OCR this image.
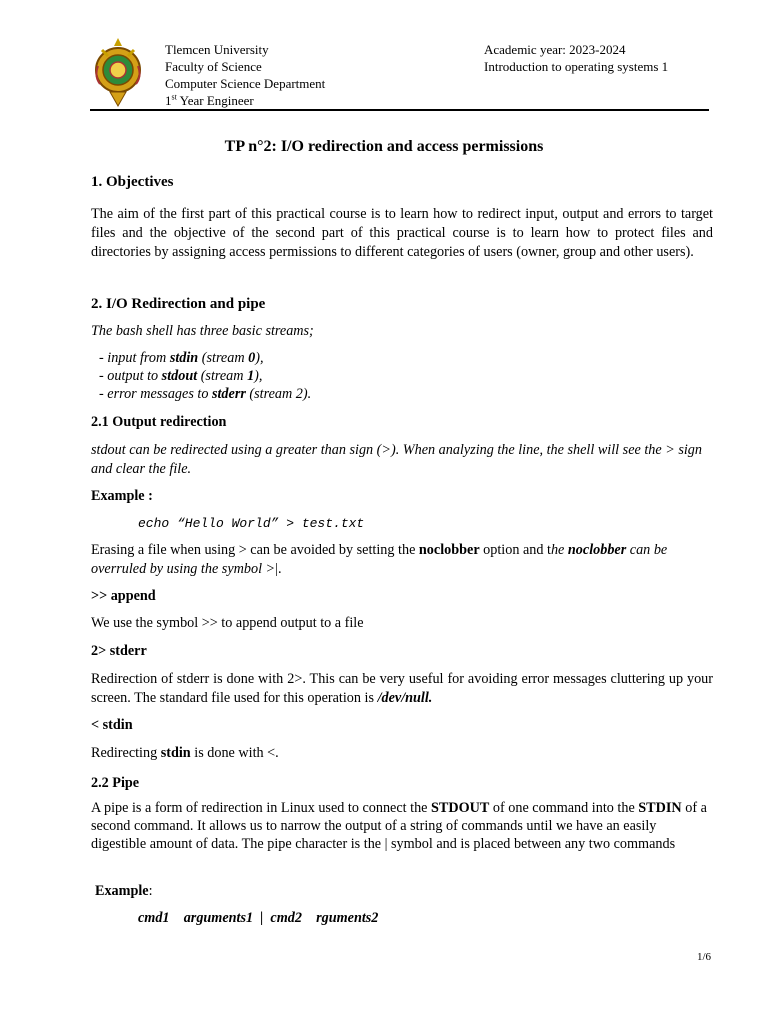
Tlemcen University
Faculty of Science
Computer Science Department
1st Year Engineer
Academic year: 2023-2024
Introduction to operating systems 1
TP n°2: I/O redirection and access permissions
1. Objectives
The aim of the first part of this practical course is to learn how to redirect input, output and errors to target files and the objective of the second part of this practical course is to learn how to protect files and directories by assigning access permissions to different categories of users (owner, group and other users).
2. I/O Redirection and pipe
The bash shell has three basic streams;
- input from stdin (stream 0),
- output to stdout (stream 1),
- error messages to stderr (stream 2).
2.1 Output redirection
stdout can be redirected using a greater than sign (>). When analyzing the line, the shell will see the > sign and clear the file.
Example :
echo “Hello World” > test.txt
Erasing a file when using > can be avoided by setting the noclobber option and the noclobber can be overruled by using the symbol >|.
>> append
We use the symbol >> to append output to a file
2> stderr
Redirection of stderr is done with 2>. This can be very useful for avoiding error messages cluttering up your screen. The standard file used for this operation is /dev/null.
< stdin
Redirecting stdin is done with <.
2.2 Pipe
A pipe is a form of redirection in Linux used to connect the STDOUT of one command into the STDIN of a second command. It allows us to narrow the output of a string of commands until we have an easily digestible amount of data. The pipe character is the | symbol and is placed between any two commands
Example:
cmd1    arguments1  |  cmd2    rguments2
1/6
